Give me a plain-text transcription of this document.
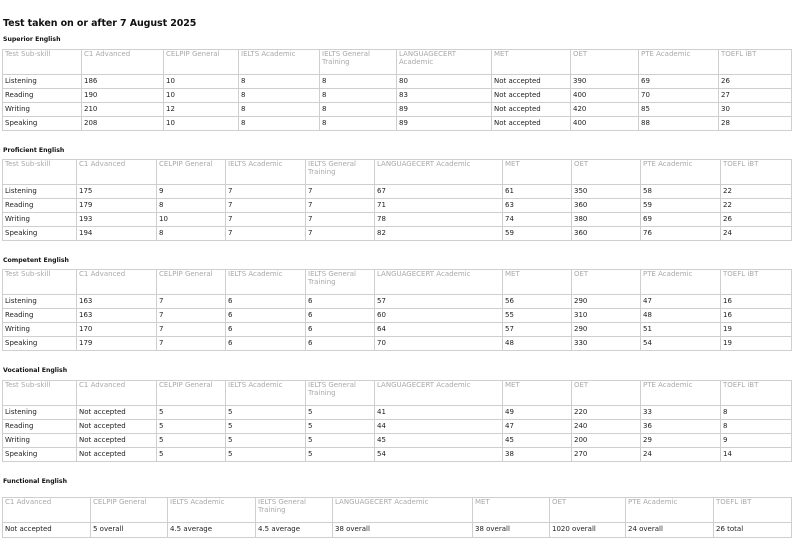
Test taken on or after 7 August 2025
Superior English
Test Sub-skill	C1 Advanced	CELPIP General	IELTS Academic	IELTS General Training	LANGUAGECERT Academic	MET	OET	PTE Academic	TOEFL iBT
Listening	186	10	8	8	80	Not accepted	390	69	26
Reading	190	10	8	8	83	Not accepted	400	70	27
Writing	210	12	8	8	89	Not accepted	420	85	30
Speaking	208	10	8	8	89	Not accepted	400	88	28
Proficient English
Test Sub-skill	C1 Advanced	CELPIP General	IELTS Academic	IELTS General Training	LANGUAGECERT Academic	MET	OET	PTE Academic	TOEFL iBT
Listening	175	9	7	7	67	61	350	58	22
Reading	179	8	7	7	71	63	360	59	22
Writing	193	10	7	7	78	74	380	69	26
Speaking	194	8	7	7	82	59	360	76	24
Competent English
Test Sub-skill	C1 Advanced	CELPIP General	IELTS Academic	IELTS General Training	LANGUAGECERT Academic	MET	OET	PTE Academic	TOEFL iBT
Listening	163	7	6	6	57	56	290	47	16
Reading	163	7	6	6	60	55	310	48	16
Writing	170	7	6	6	64	57	290	51	19
Speaking	179	7	6	6	70	48	330	54	19
Vocational English
Test Sub-skill	C1 Advanced	CELPIP General	IELTS Academic	IELTS General Training	LANGUAGECERT Academic	MET	OET	PTE Academic	TOEFL iBT
Listening	Not accepted	5	5	5	41	49	220	33	8
Reading	Not accepted	5	5	5	44	47	240	36	8
Writing	Not accepted	5	5	5	45	45	200	29	9
Speaking	Not accepted	5	5	5	54	38	270	24	14
Functional English
C1 Advanced	CELPIP General	IELTS Academic	IELTS General Training	LANGUAGECERT Academic	MET	OET	PTE Academic	TOEFL iBT
Not accepted	5 overall	4.5 average	4.5 average	38 overall	38 overall	1020 overall	24 overall	26 total
